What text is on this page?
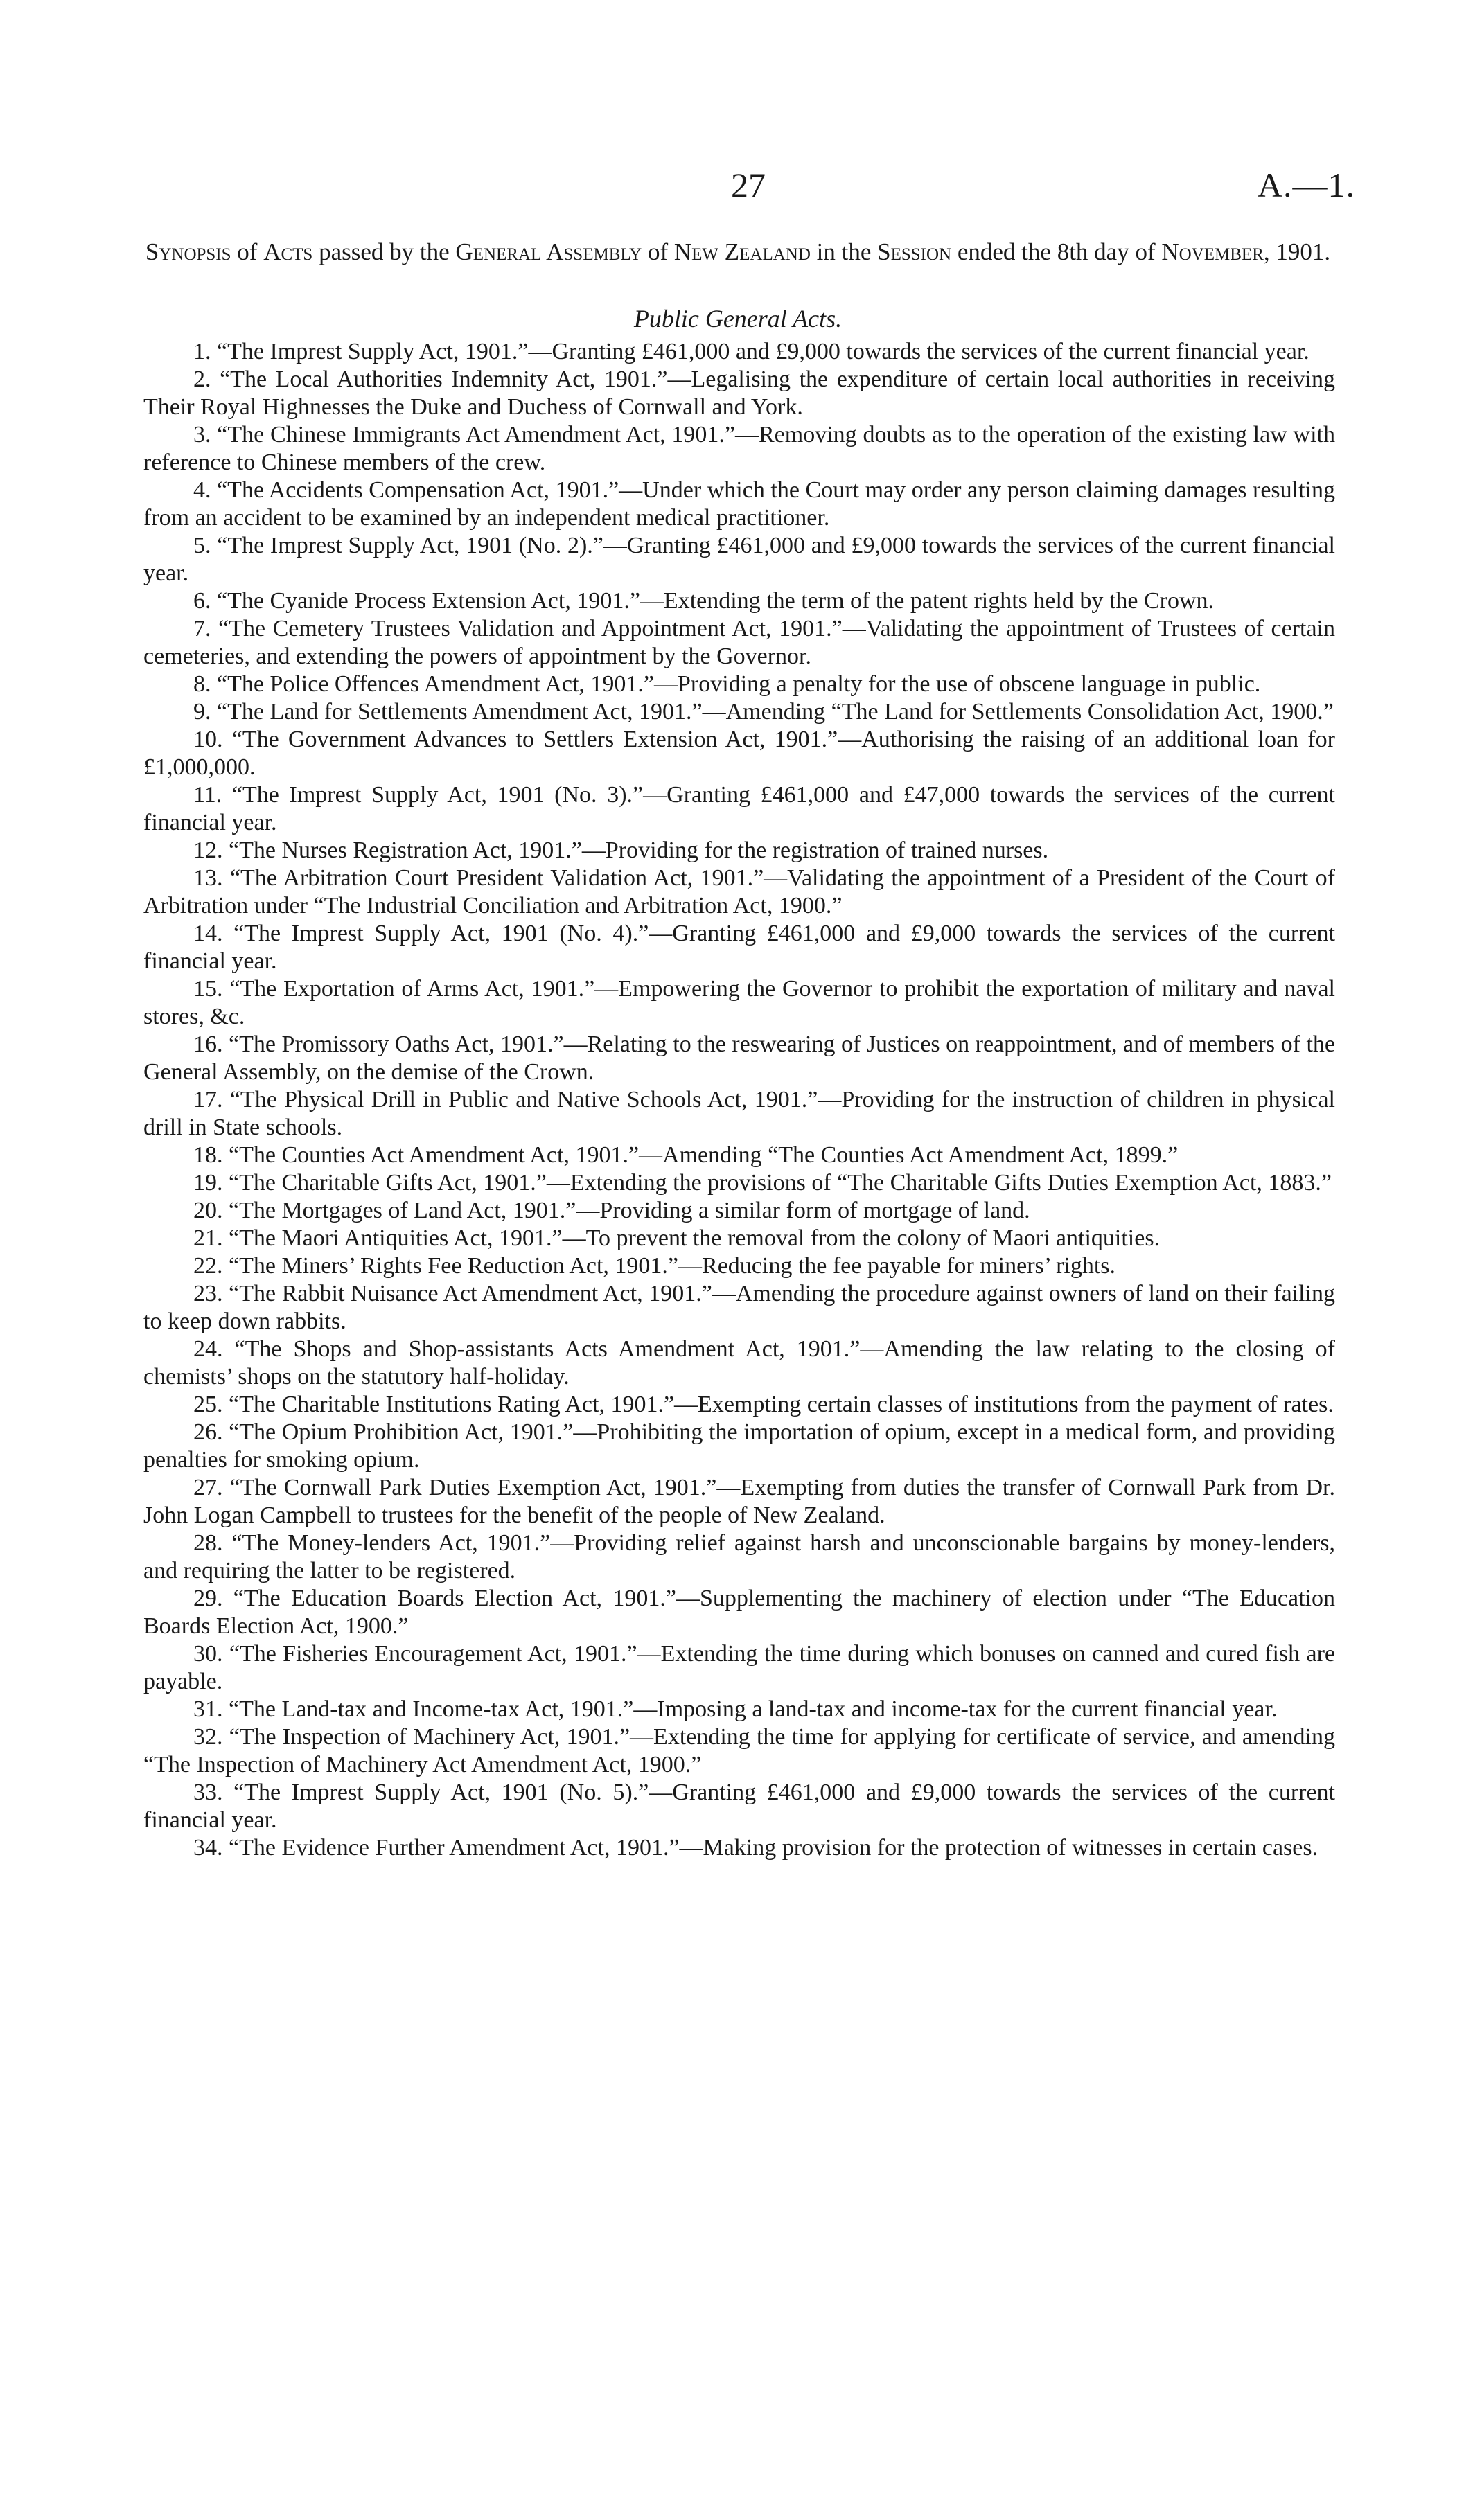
27	A.—1.
Synopsis of Acts passed by the General Assembly of New Zealand in the Session ended the 8th day of November, 1901.
Public General Acts.
1. “The Imprest Supply Act, 1901.”—Granting £461,000 and £9,000 towards the services of the current financial year.
2. “The Local Authorities Indemnity Act, 1901.”—Legalising the expenditure of certain local authorities in receiving Their Royal Highnesses the Duke and Duchess of Cornwall and York.
3. “The Chinese Immigrants Act Amendment Act, 1901.”—Removing doubts as to the operation of the existing law with reference to Chinese members of the crew.
4. “The Accidents Compensation Act, 1901.”—Under which the Court may order any person claiming damages resulting from an accident to be examined by an independent medical practitioner.
5. “The Imprest Supply Act, 1901 (No. 2).”—Granting £461,000 and £9,000 towards the services of the current financial year.
6. “The Cyanide Process Extension Act, 1901.”—Extending the term of the patent rights held by the Crown.
7. “The Cemetery Trustees Validation and Appointment Act, 1901.”—Validating the appointment of Trustees of certain cemeteries, and extending the powers of appointment by the Governor.
8. “The Police Offences Amendment Act, 1901.”—Providing a penalty for the use of obscene language in public.
9. “The Land for Settlements Amendment Act, 1901.”—Amending “The Land for Settlements Consolidation Act, 1900.”
10. “The Government Advances to Settlers Extension Act, 1901.”—Authorising the raising of an additional loan for £1,000,000.
11. “The Imprest Supply Act, 1901 (No. 3).”—Granting £461,000 and £47,000 towards the services of the current financial year.
12. “The Nurses Registration Act, 1901.”—Providing for the registration of trained nurses.
13. “The Arbitration Court President Validation Act, 1901.”—Validating the appointment of a President of the Court of Arbitration under “The Industrial Conciliation and Arbitration Act, 1900.”
14. “The Imprest Supply Act, 1901 (No. 4).”—Granting £461,000 and £9,000 towards the services of the current financial year.
15. “The Exportation of Arms Act, 1901.”—Empowering the Governor to prohibit the exportation of military and naval stores, &c.
16. “The Promissory Oaths Act, 1901.”—Relating to the reswearing of Justices on reappointment, and of members of the General Assembly, on the demise of the Crown.
17. “The Physical Drill in Public and Native Schools Act, 1901.”—Providing for the instruction of children in physical drill in State schools.
18. “The Counties Act Amendment Act, 1901.”—Amending “The Counties Act Amendment Act, 1899.”
19. “The Charitable Gifts Act, 1901.”—Extending the provisions of “The Charitable Gifts Duties Exemption Act, 1883.”
20. “The Mortgages of Land Act, 1901.”—Providing a similar form of mortgage of land.
21. “The Maori Antiquities Act, 1901.”—To prevent the removal from the colony of Maori antiquities.
22. “The Miners’ Rights Fee Reduction Act, 1901.”—Reducing the fee payable for miners’ rights.
23. “The Rabbit Nuisance Act Amendment Act, 1901.”—Amending the procedure against owners of land on their failing to keep down rabbits.
24. “The Shops and Shop-assistants Acts Amendment Act, 1901.”—Amending the law relating to the closing of chemists’ shops on the statutory half-holiday.
25. “The Charitable Institutions Rating Act, 1901.”—Exempting certain classes of institutions from the payment of rates.
26. “The Opium Prohibition Act, 1901.”—Prohibiting the importation of opium, except in a medical form, and providing penalties for smoking opium.
27. “The Cornwall Park Duties Exemption Act, 1901.”—Exempting from duties the transfer of Cornwall Park from Dr. John Logan Campbell to trustees for the benefit of the people of New Zealand.
28. “The Money-lenders Act, 1901.”—Providing relief against harsh and unconscionable bargains by money-lenders, and requiring the latter to be registered.
29. “The Education Boards Election Act, 1901.”—Supplementing the machinery of election under “The Education Boards Election Act, 1900.”
30. “The Fisheries Encouragement Act, 1901.”—Extending the time during which bonuses on canned and cured fish are payable.
31. “The Land-tax and Income-tax Act, 1901.”—Imposing a land-tax and income-tax for the current financial year.
32. “The Inspection of Machinery Act, 1901.”—Extending the time for applying for certificate of service, and amending “The Inspection of Machinery Act Amendment Act, 1900.”
33. “The Imprest Supply Act, 1901 (No. 5).”—Granting £461,000 and £9,000 towards the services of the current financial year.
34. “The Evidence Further Amendment Act, 1901.”—Making provision for the protection of witnesses in certain cases.
